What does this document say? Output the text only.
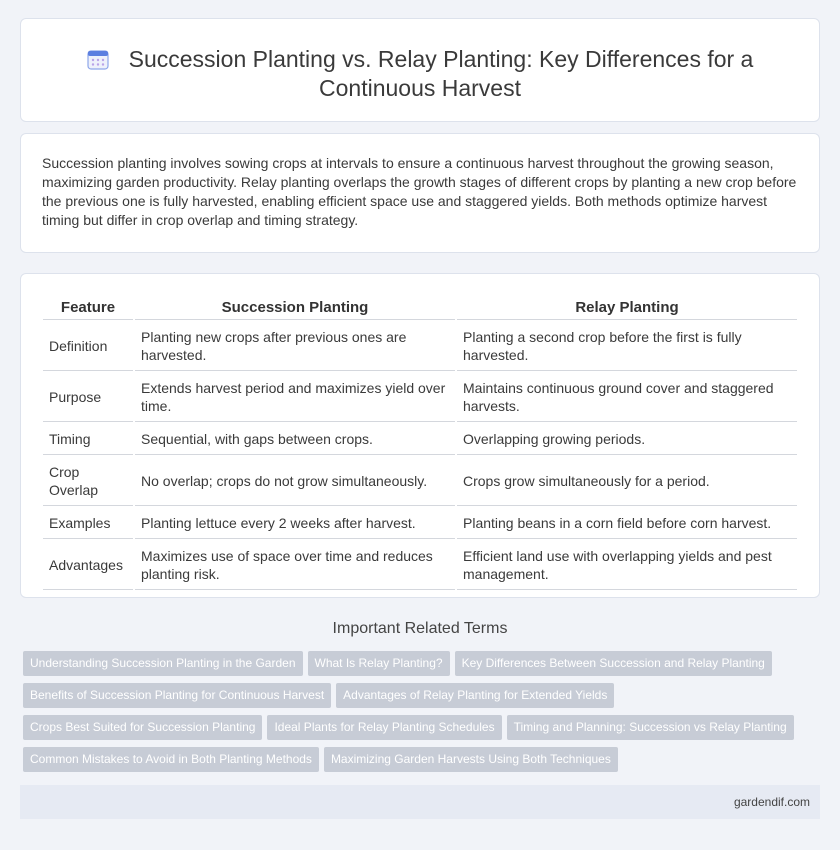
Succession Planting vs. Relay Planting: Key Differences for a Continuous Harvest

Succession planting involves sowing crops at intervals to ensure a continuous harvest throughout the growing season, maximizing garden productivity. Relay planting overlaps the growth stages of different crops by planting a new crop before the previous one is fully harvested, enabling efficient space use and staggered yields. Both methods optimize harvest timing but differ in crop overlap and timing strategy.

Feature	Succession Planting	Relay Planting
Definition	Planting new crops after previous ones are harvested.	Planting a second crop before the first is fully harvested.
Purpose	Extends harvest period and maximizes yield over time.	Maintains continuous ground cover and staggered harvests.
Timing	Sequential, with gaps between crops.	Overlapping growing periods.
Crop Overlap	No overlap; crops do not grow simultaneously.	Crops grow simultaneously for a period.
Examples	Planting lettuce every 2 weeks after harvest.	Planting beans in a corn field before corn harvest.
Advantages	Maximizes use of space over time and reduces planting risk.	Efficient land use with overlapping yields and pest management.
Important Related Terms
Understanding Succession Planting in the Garden What Is Relay Planting? Key Differences Between Succession and Relay Planting
Benefits of Succession Planting for Continuous Harvest Advantages of Relay Planting for Extended Yields
Crops Best Suited for Succession Planting Ideal Plants for Relay Planting Schedules Timing and Planning: Succession vs Relay Planting
Common Mistakes to Avoid in Both Planting Methods Maximizing Garden Harvests Using Both Techniques
gardendif.com
